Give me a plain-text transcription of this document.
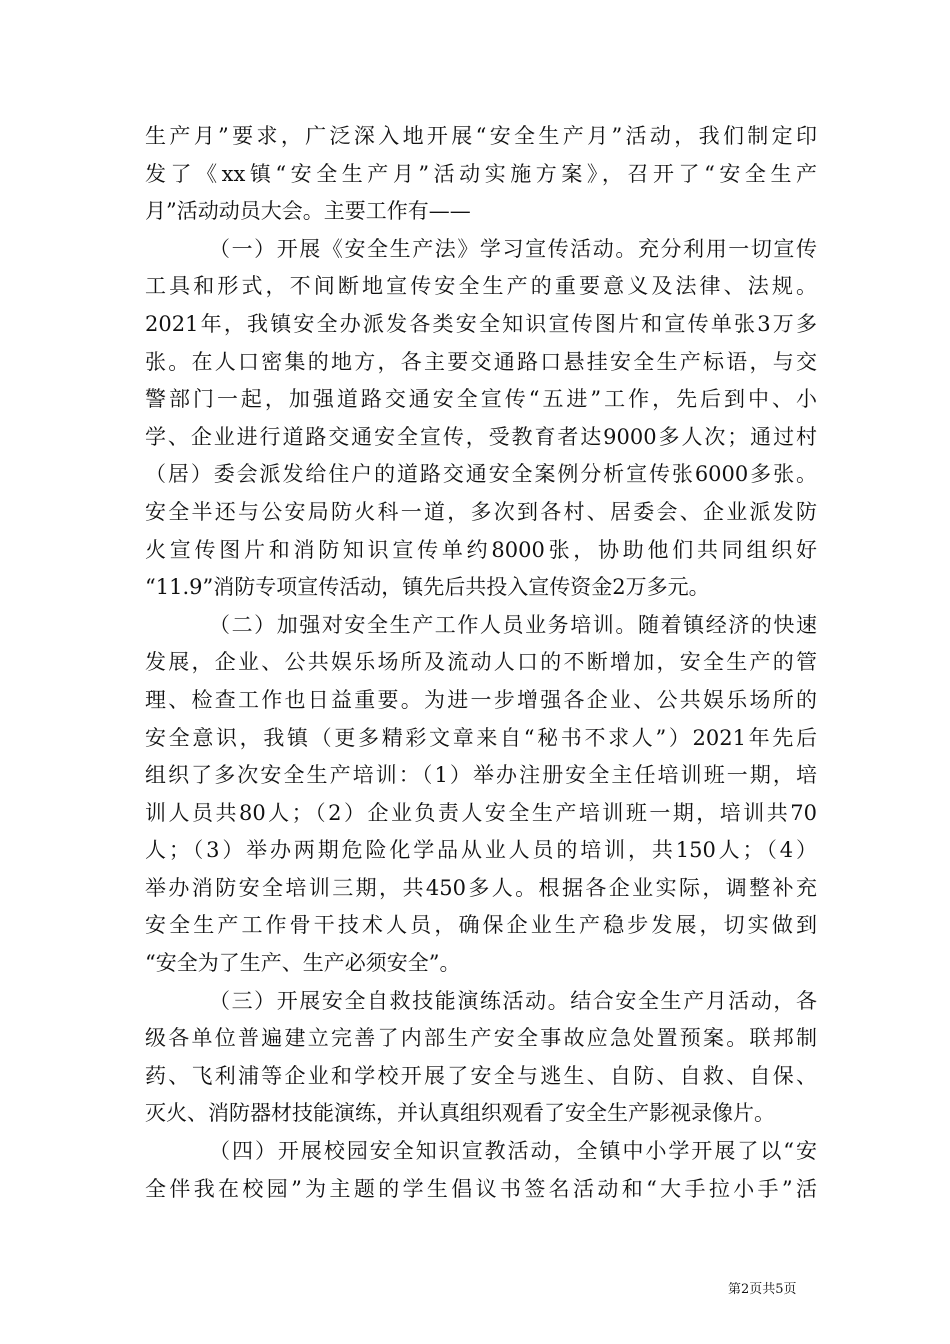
生产月”要求，广泛深入地开展“安全生产月”活动，我们制定印
发了《xx镇“安全生产月”活动实施方案》，召开了“安全生产
月”活动动员大会。主要工作有——
（一）开展《安全生产法》学习宣传活动。充分利用一切宣传
工具和形式，不间断地宣传安全生产的重要意义及法律、法规。
2021年，我镇安全办派发各类安全知识宣传图片和宣传单张3万多
张。在人口密集的地方，各主要交通路口悬挂安全生产标语，与交
警部门一起，加强道路交通安全宣传“五进”工作，先后到中、小
学、企业进行道路交通安全宣传，受教育者达9000多人次；通过村
（居）委会派发给住户的道路交通安全案例分析宣传张6000多张。
安全半还与公安局防火科一道，多次到各村、居委会、企业派发防
火宣传图片和消防知识宣传单约8000张，协助他们共同组织好
“11.9”消防专项宣传活动，镇先后共投入宣传资金2万多元。
（二）加强对安全生产工作人员业务培训。随着镇经济的快速
发展，企业、公共娱乐场所及流动人口的不断增加，安全生产的管
理、检查工作也日益重要。为进一步增强各企业、公共娱乐场所的
安全意识，我镇（更多精彩文章来自“秘书不求人”）2021年先后
组织了多次安全生产培训：（1）举办注册安全主任培训班一期，培
训人员共80人；（2）企业负责人安全生产培训班一期，培训共70
人；（3）举办两期危险化学品从业人员的培训，共150人；（4）
举办消防安全培训三期，共450多人。根据各企业实际，调整补充
安全生产工作骨干技术人员，确保企业生产稳步发展，切实做到
“安全为了生产、生产必须安全”。
（三）开展安全自救技能演练活动。结合安全生产月活动，各
级各单位普遍建立完善了内部生产安全事故应急处置预案。联邦制
药、飞利浦等企业和学校开展了安全与逃生、自防、自救、自保、
灭火、消防器材技能演练，并认真组织观看了安全生产影视录像片。
（四）开展校园安全知识宣教活动，全镇中小学开展了以“安
全伴我在校园”为主题的学生倡议书签名活动和“大手拉小手”活
第2页共5页
